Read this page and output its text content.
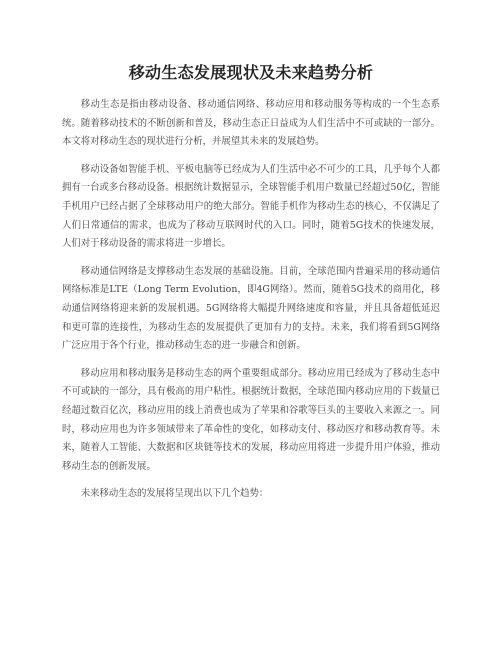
移动生态发展现状及未来趋势分析

移动生态是指由移动设备、移动通信网络、移动应用和移动服务等构成的一个生态系统。随着移动技术的不断创新和普及，移动生态正日益成为人们生活中不可或缺的一部分。本文将对移动生态的现状进行分析，并展望其未来的发展趋势。

移动设备如智能手机、平板电脑等已经成为人们生活中必不可少的工具，几乎每个人都拥有一台或多台移动设备。根据统计数据显示，全球智能手机用户数量已经超过50亿，智能手机用户已经占据了全球移动用户的绝大部分。智能手机作为移动生态的核心，不仅满足了人们日常通信的需求，也成为了移动互联网时代的入口。同时，随着5G技术的快速发展，人们对于移动设备的需求将进一步增长。

移动通信网络是支撑移动生态发展的基础设施。目前，全球范围内普遍采用的移动通信网络标准是LTE（Long Term Evolution，即4G网络）。然而，随着5G技术的商用化，移动通信网络将迎来新的发展机遇。5G网络将大幅提升网络速度和容量，并且具备超低延迟和更可靠的连接性，为移动生态的发展提供了更加有力的支持。未来，我们将看到5G网络广泛应用于各个行业，推动移动生态的进一步融合和创新。

移动应用和移动服务是移动生态的两个重要组成部分。移动应用已经成为了移动生态中不可或缺的一部分，具有极高的用户粘性。根据统计数据，全球范围内移动应用的下载量已经超过数百亿次，移动应用的线上消费也成为了苹果和谷歌等巨头的主要收入来源之一。同时，移动应用也为许多领域带来了革命性的变化，如移动支付、移动医疗和移动教育等。未来，随着人工智能、大数据和区块链等技术的发展，移动应用将进一步提升用户体验，推动移动生态的创新发展。

未来移动生态的发展将呈现出以下几个趋势：
